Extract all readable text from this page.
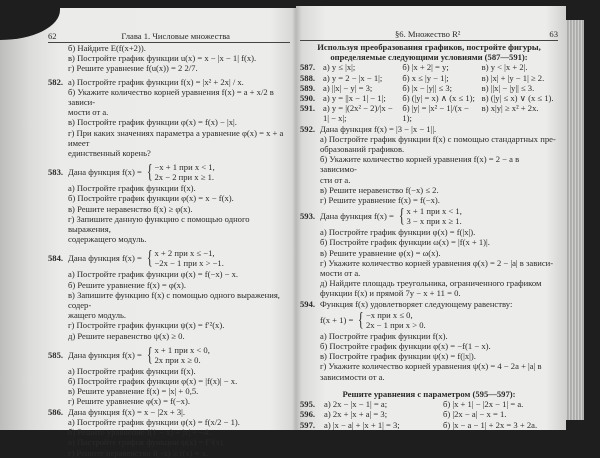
62	Глава 1. Числовые множества
б) Найдите E(f(x+2)).
в) Постройте график функции u(x) = x − |x − 1| f(x).
г) Решите уравнение f(u(x)) = 2 2/7.
582. а) Постройте график функции f(x) = |x² + 2x| / x.
б) Укажите количество корней уравнения f(x) = a + x/2 в зависи-
мости от a.
в) Постройте график функции φ(x) = f(x) − |x|.
г) При каких значениях параметра a уравнение φ(x) = x + a имеет
единственный корень?
583. Дана функция f(x) = { −x + 1 при x < 1,
2x − 2 при x ≥ 1.
а) Постройте график функции f(x).
б) Постройте график функции φ(x) = x − f(x).
в) Решите неравенство f(x) ≥ φ(x).
г) Запишите данную функцию с помощью одного выражения,
содержащего модуль.
584. Дана функция f(x) = { x + 2 при x ≤ −1,
−2x − 1 при x > −1.
а) Постройте график функции φ(x) = f(−x) − x.
б) Решите уравнение f(x) = φ(x).
в) Запишите функцию f(x) с помощью одного выражения, содер-
жащего модуль.
г) Постройте график функции ψ(x) = f′²(x).
д) Решите неравенство ψ(x) ≥ 0.
585. Дана функция f(x) = { x + 1 при x < 0,
2x при x ≥ 0.
а) Постройте график функции f(x).
б) Постройте график функции φ(x) = |f(x)| − x.
в) Решите уравнение f(x) = |x| + 0,5.
г) Решите уравнение φ(x) = f(−x).
586. Дана функция f(x) = x − |2x + 3|.
а) Постройте график функции φ(x) = f(x/2 − 1).
б) Решите уравнение f(1 − x) + |x| = −4.
в) Постройте график функции ψ(x) = f′²(x).
г) Решите неравенство f(−x) ≥ f(x) + x.
§6. Множество R²	63
Используя преобразования графиков, постройте фигуры,
определяемые следующими условиями (587—591):
587. а) y ≤ |x|;	б) |x + 2| = y;	в) y < |x + 2|.
588. а) y = 2 − |x − 1|;	б) x ≤ |y − 1|;	в) |x| + |y − 1| ≥ 2.
589. а) ||x| − y| = 3;	б) |x − |y|| ≤ 3;	в) ||x| − |y|| ≤ 3.
590. а) y = ||x − 1| − 1|;	б) (|y| = x) ∧ (x ≤ 1); в) (|y| ≤ x) ∨ (x ≤ 1).
591. а) y = |(2x² − 2)/|x − 1| − x|;
б) |y| = |x² − 1|/(x − 1);
в) x|y| ≥ x² + 2x.
592. Дана функция f(x) = |3 − |x − 1||.
а) Постройте график функции f(x) с помощью стандартных пре-
образований графиков.
б) Укажите количество корней уравнения f(x) = 2 − a в зависимо-
сти от a.
в) Решите неравенство f(−x) ≤ 2.
г) Решите уравнение f(x) = f(−x).
593. Дана функция f(x) = { x + 1 при x < 1,
3 − x при x ≥ 1.
а) Постройте график функции φ(x) = f(|x|).
б) Постройте график функции ω(x) = |f(x + 1)|.
в) Решите уравнение φ(x) = ω(x).
г) Укажите количество корней уравнения φ(x) = 2 − |a| в зависи-
мости от a.
д) Найдите площадь треугольника, ограниченного графиком
функции f(x) и прямой 7y − x + 11 = 0.
594. Функция f(x) удовлетворяет следующему равенству:
f(x + 1) = { −x при x ≤ 0,
2x − 1 при x > 0.
а) Постройте график функции f(x).
б) Постройте график функции φ(x) = −f(1 − x).
в) Постройте график функции ψ(x) = f(|x|).
г) Укажите количество корней уравнения ψ(x) = 4 − 2a + |a| в
зависимости от a.
Решите уравнения с параметром (595—597):
595.	а) 2x − |x − 1| = a;	б) |x + 1| − |2x − 1| = a.
596.	а) 2x + |x + a| = 3;	б) |2x − a| − x = 1.
597.	а) |x − a| + |x + 1| = 3;	б) |x − a − 1| + 2x = 3 + 2a.
